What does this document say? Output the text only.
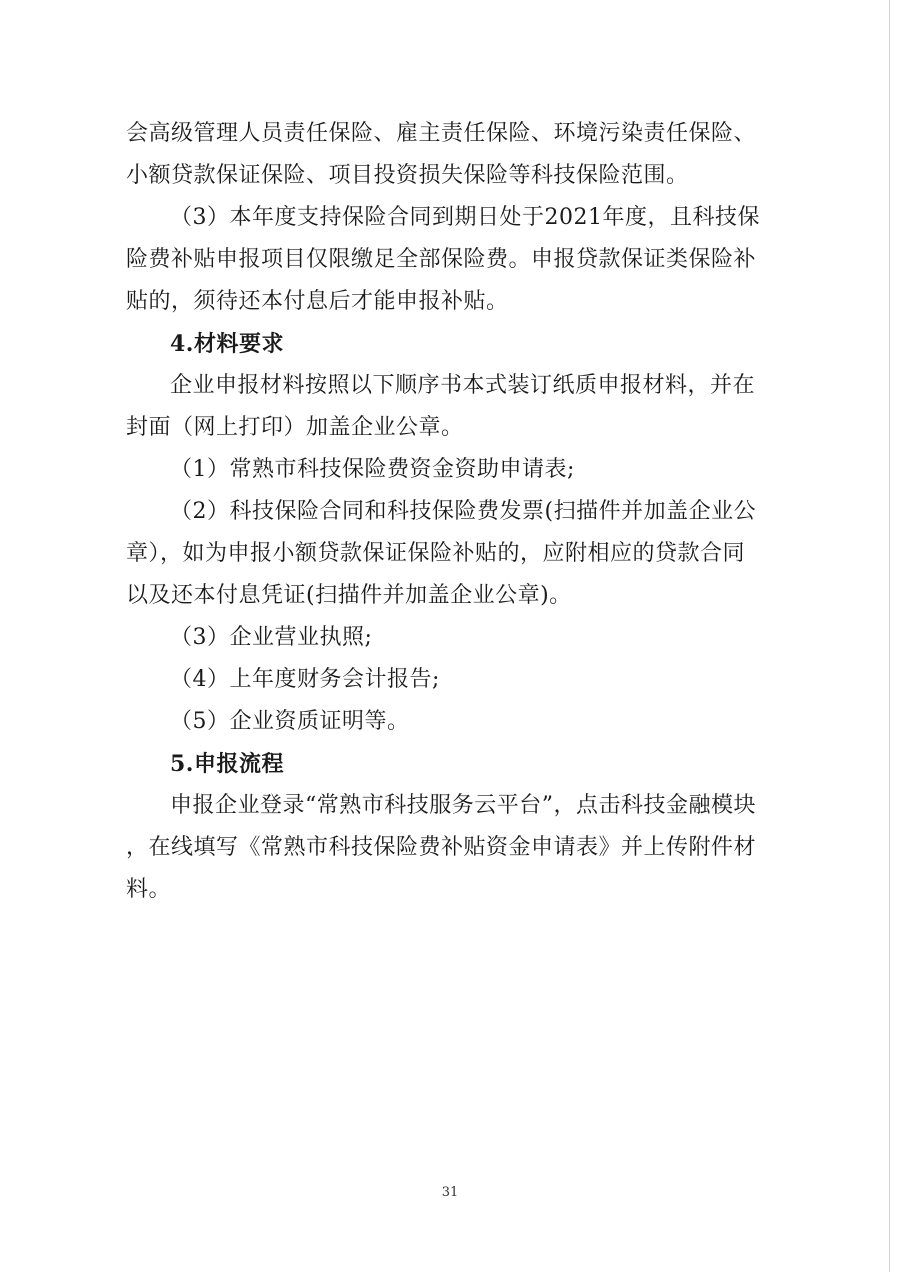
会高级管理人员责任保险、雇主责任保险、环境污染责任保险、
小额贷款保证保险、项目投资损失保险等科技保险范围。
（3）本年度支持保险合同到期日处于2021年度，且科技保
险费补贴申报项目仅限缴足全部保险费。申报贷款保证类保险补
贴的，须待还本付息后才能申报补贴。
4.材料要求
企业申报材料按照以下顺序书本式装订纸质申报材料，并在
封面（网上打印）加盖企业公章。
（1）常熟市科技保险费资金资助申请表;
（2）科技保险合同和科技保险费发票(扫描件并加盖企业公
章），如为申报小额贷款保证保险补贴的，应附相应的贷款合同
以及还本付息凭证(扫描件并加盖企业公章)。
（3）企业营业执照;
（4）上年度财务会计报告;
（5）企业资质证明等。
5.申报流程
申报企业登录“常熟市科技服务云平台”，点击科技金融模块
，在线填写《常熟市科技保险费补贴资金申请表》并上传附件材
料。
31
